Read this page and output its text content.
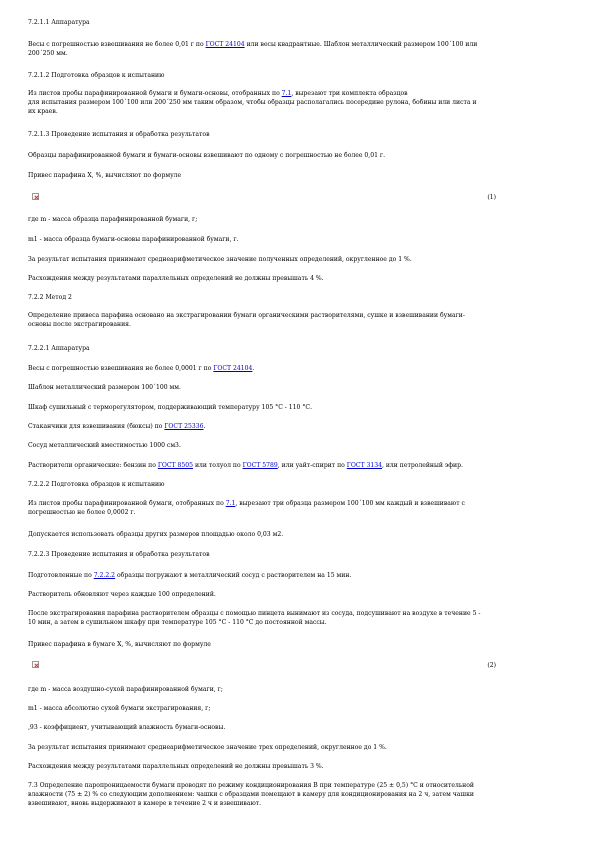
7.2.1.1 Аппаратура
Весы с погрешностью взвешивания не более 0,01 г по ГОСТ 24104 или весы квадрантные. Шаблон металлический размером 100´100 или
200´250 мм.
7.2.1.2 Подготовка образцов к испытанию
Из листов пробы парафинированной бумаги и бумаги-основы, отобранных по 7.1, вырезают три комплекта образцов
для испытания размером 100´100 или 200´250 мм таким образом, чтобы образцы располагались посередине рулона, бобины или листа и
их краев.
7.2.1.3 Проведение испытания и обработка результатов
Образцы парафинированной бумаги и бумаги-основы взвешивают по одному с погрешностью не более 0,01 г.
Привес парафина X, %, вычисляют по формуле
(1)
где m - масса образца парафинированной бумаги, г;
m1 - масса образца бумаги-основы парафинированной бумаги, г.
За результат испытания принимают среднеарифметическое значение полученных определений, округленное до 1 %.
Расхождения между результатами параллельных определений не должны превышать 4 %.
7.2.2 Метод 2
Определение привеса парафина основано на экстрагировании бумаги органическими растворителями, сушке и взвешивании бумаги-
основы после экстрагирования.
7.2.2.1 Аппаратура
Весы с погрешностью взвешивания не более 0,0001 г по ГОСТ 24104.
Шаблон металлический размером 100´100 мм.
Шкаф сушильный с терморегулятором, поддерживающий температуру 105 °С - 110 °С.
Стаканчики для взвешивания (бюксы) по ГОСТ 25336.
Сосуд металлический вместимостью 1000 см3.
Растворители органические: бензин по ГОСТ 8505 или толуол по ГОСТ 5789, или уайт-спирит по ГОСТ 3134, или петролейный эфир.
7.2.2.2 Подготовка образцов к испытанию
Из листов пробы парафинированной бумаги, отобранных по 7.1, вырезают три образца размером 100´100 мм каждый и взвешивают с
погрешностью не более 0,0002 г.
Допускается использовать образцы других размеров площадью около 0,03 м2.
7.2.2.3 Проведение испытания и обработка результатов
Подготовленные по 7.2.2.2 образцы погружают в металлический сосуд с растворителем на 15 мин.
Растворитель обновляют через каждые 100 определений.
После экстрагирования парафина растворителем образцы с помощью пинцета вынимают из сосуда, подсушивают на воздухе в течение 5 -
10 мин, а затем в сушильном шкафу при температуре 105 °С - 110 °С до постоянной массы.
Привес парафина в бумаге X, %, вычисляют по формуле
(2)
где m - масса воздушно-сухой парафинированной бумаги, г;
m1 - масса абсолютно сухой бумаги экстрагирования, г;
,93 - коэффициент, учитывающий влажность бумаги-основы.
За результат испытания принимают среднеарифметическое значение трех определений, округленное до 1 %.
Расхождения между результатами параллельных определений не должны превышать 3 %.
7.3 Определение паропроницаемости бумаги проводят по режиму кондиционирования В при температуре (25 ± 0,5) °С и относительной
влажности (75 ± 2) % со следующим дополнением: чашки с образцами помещают в камеру для кондиционирования на 2 ч, затем чашки
взвешивают, вновь выдерживают в камере в течение 2 ч и взвешивают.
